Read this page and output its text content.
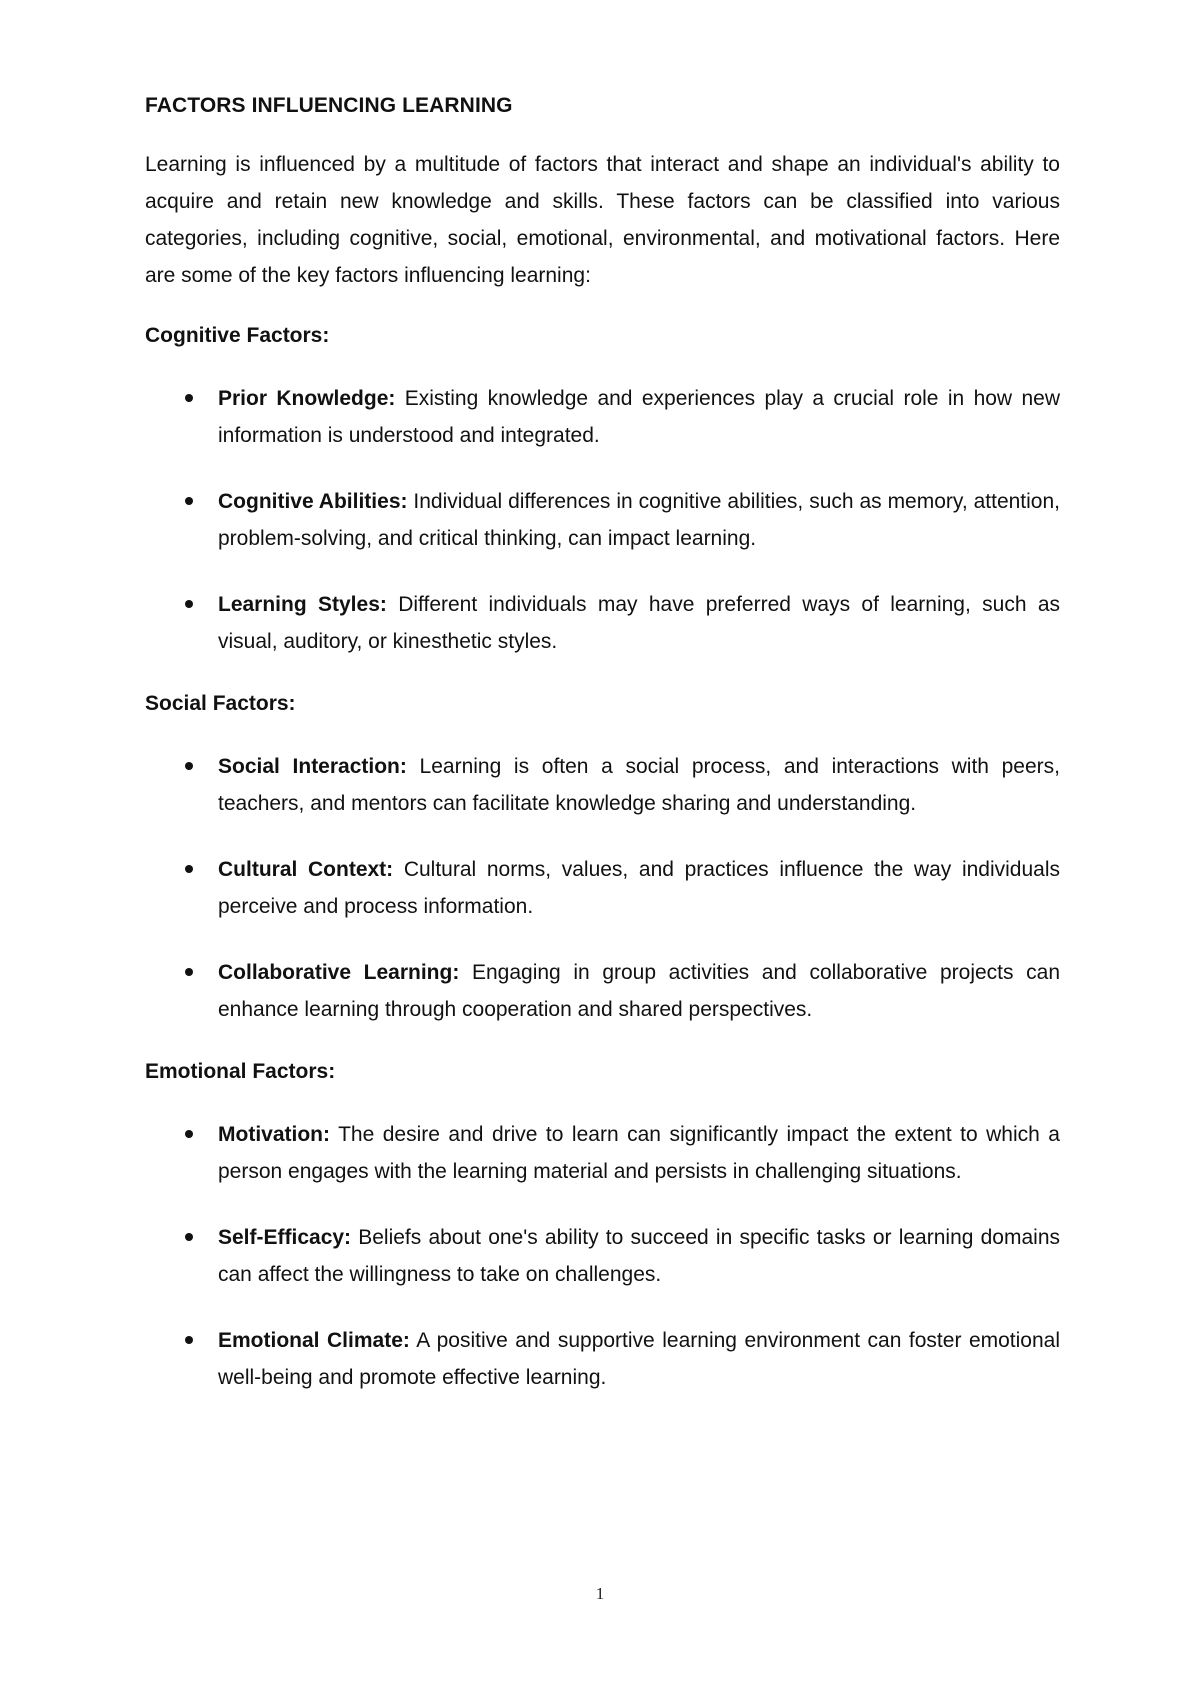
FACTORS INFLUENCING LEARNING
Learning is influenced by a multitude of factors that interact and shape an individual's ability to acquire and retain new knowledge and skills. These factors can be classified into various categories, including cognitive, social, emotional, environmental, and motivational factors. Here are some of the key factors influencing learning:
Cognitive Factors:
Prior Knowledge: Existing knowledge and experiences play a crucial role in how new information is understood and integrated.
Cognitive Abilities: Individual differences in cognitive abilities, such as memory, attention, problem-solving, and critical thinking, can impact learning.
Learning Styles: Different individuals may have preferred ways of learning, such as visual, auditory, or kinesthetic styles.
Social Factors:
Social Interaction: Learning is often a social process, and interactions with peers, teachers, and mentors can facilitate knowledge sharing and understanding.
Cultural Context: Cultural norms, values, and practices influence the way individuals perceive and process information.
Collaborative Learning: Engaging in group activities and collaborative projects can enhance learning through cooperation and shared perspectives.
Emotional Factors:
Motivation: The desire and drive to learn can significantly impact the extent to which a person engages with the learning material and persists in challenging situations.
Self-Efficacy: Beliefs about one's ability to succeed in specific tasks or learning domains can affect the willingness to take on challenges.
Emotional Climate: A positive and supportive learning environment can foster emotional well-being and promote effective learning.
1
